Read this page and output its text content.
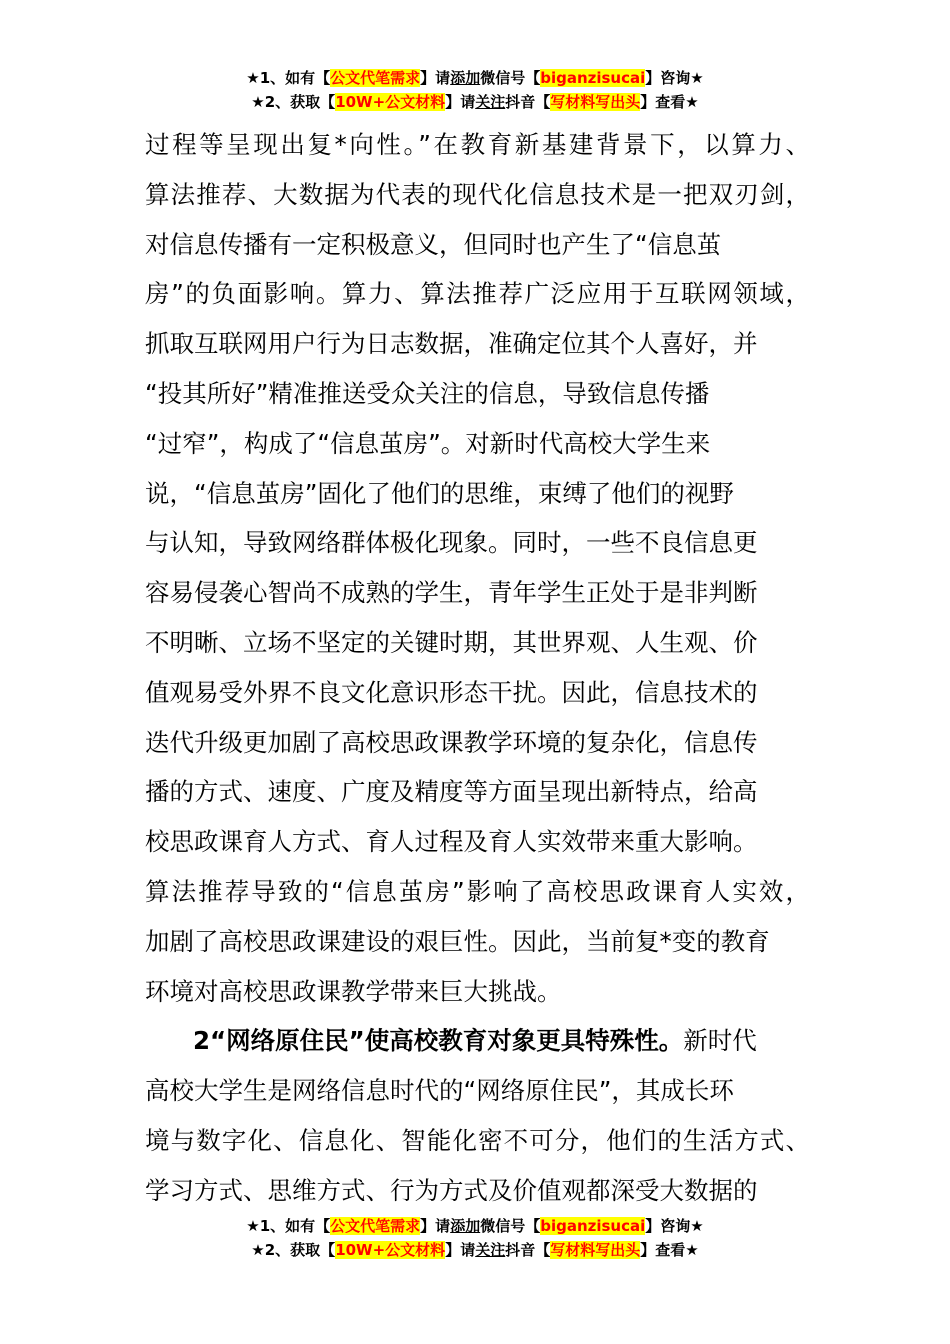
★1、如有【公文代笔需求】请添加微信号【biganzisucai】咨询★
★2、获取【10W+公文材料】请关注抖音【写材料写出头】查看★
过程等呈现出复*向性。”在教育新基建背景下，以算力、
算法推荐、大数据为代表的现代化信息技术是一把双刃剑，
对信息传播有一定积极意义，但同时也产生了“信息茧
房”的负面影响。算力、算法推荐广泛应用于互联网领域，
抓取互联网用户行为日志数据，准确定位其个人喜好，并
“投其所好”精准推送受众关注的信息，导致信息传播
“过窄”，构成了“信息茧房”。对新时代高校大学生来
说，“信息茧房”固化了他们的思维，束缚了他们的视野
与认知，导致网络群体极化现象。同时，一些不良信息更
容易侵袭心智尚不成熟的学生，青年学生正处于是非判断
不明晰、立场不坚定的关键时期，其世界观、人生观、价
值观易受外界不良文化意识形态干扰。因此，信息技术的
迭代升级更加剧了高校思政课教学环境的复杂化，信息传
播的方式、速度、广度及精度等方面呈现出新特点，给高
校思政课育人方式、育人过程及育人实效带来重大影响。
算法推荐导致的“信息茧房”影响了高校思政课育人实效，
加剧了高校思政课建设的艰巨性。因此，当前复*变的教育
环境对高校思政课教学带来巨大挑战。
2“网络原住民”使高校教育对象更具特殊性。新时代
高校大学生是网络信息时代的“网络原住民”，其成长环
境与数字化、信息化、智能化密不可分，他们的生活方式、
学习方式、思维方式、行为方式及价值观都深受大数据的
★1、如有【公文代笔需求】请添加微信号【biganzisucai】咨询★
★2、获取【10W+公文材料】请关注抖音【写材料写出头】查看★
